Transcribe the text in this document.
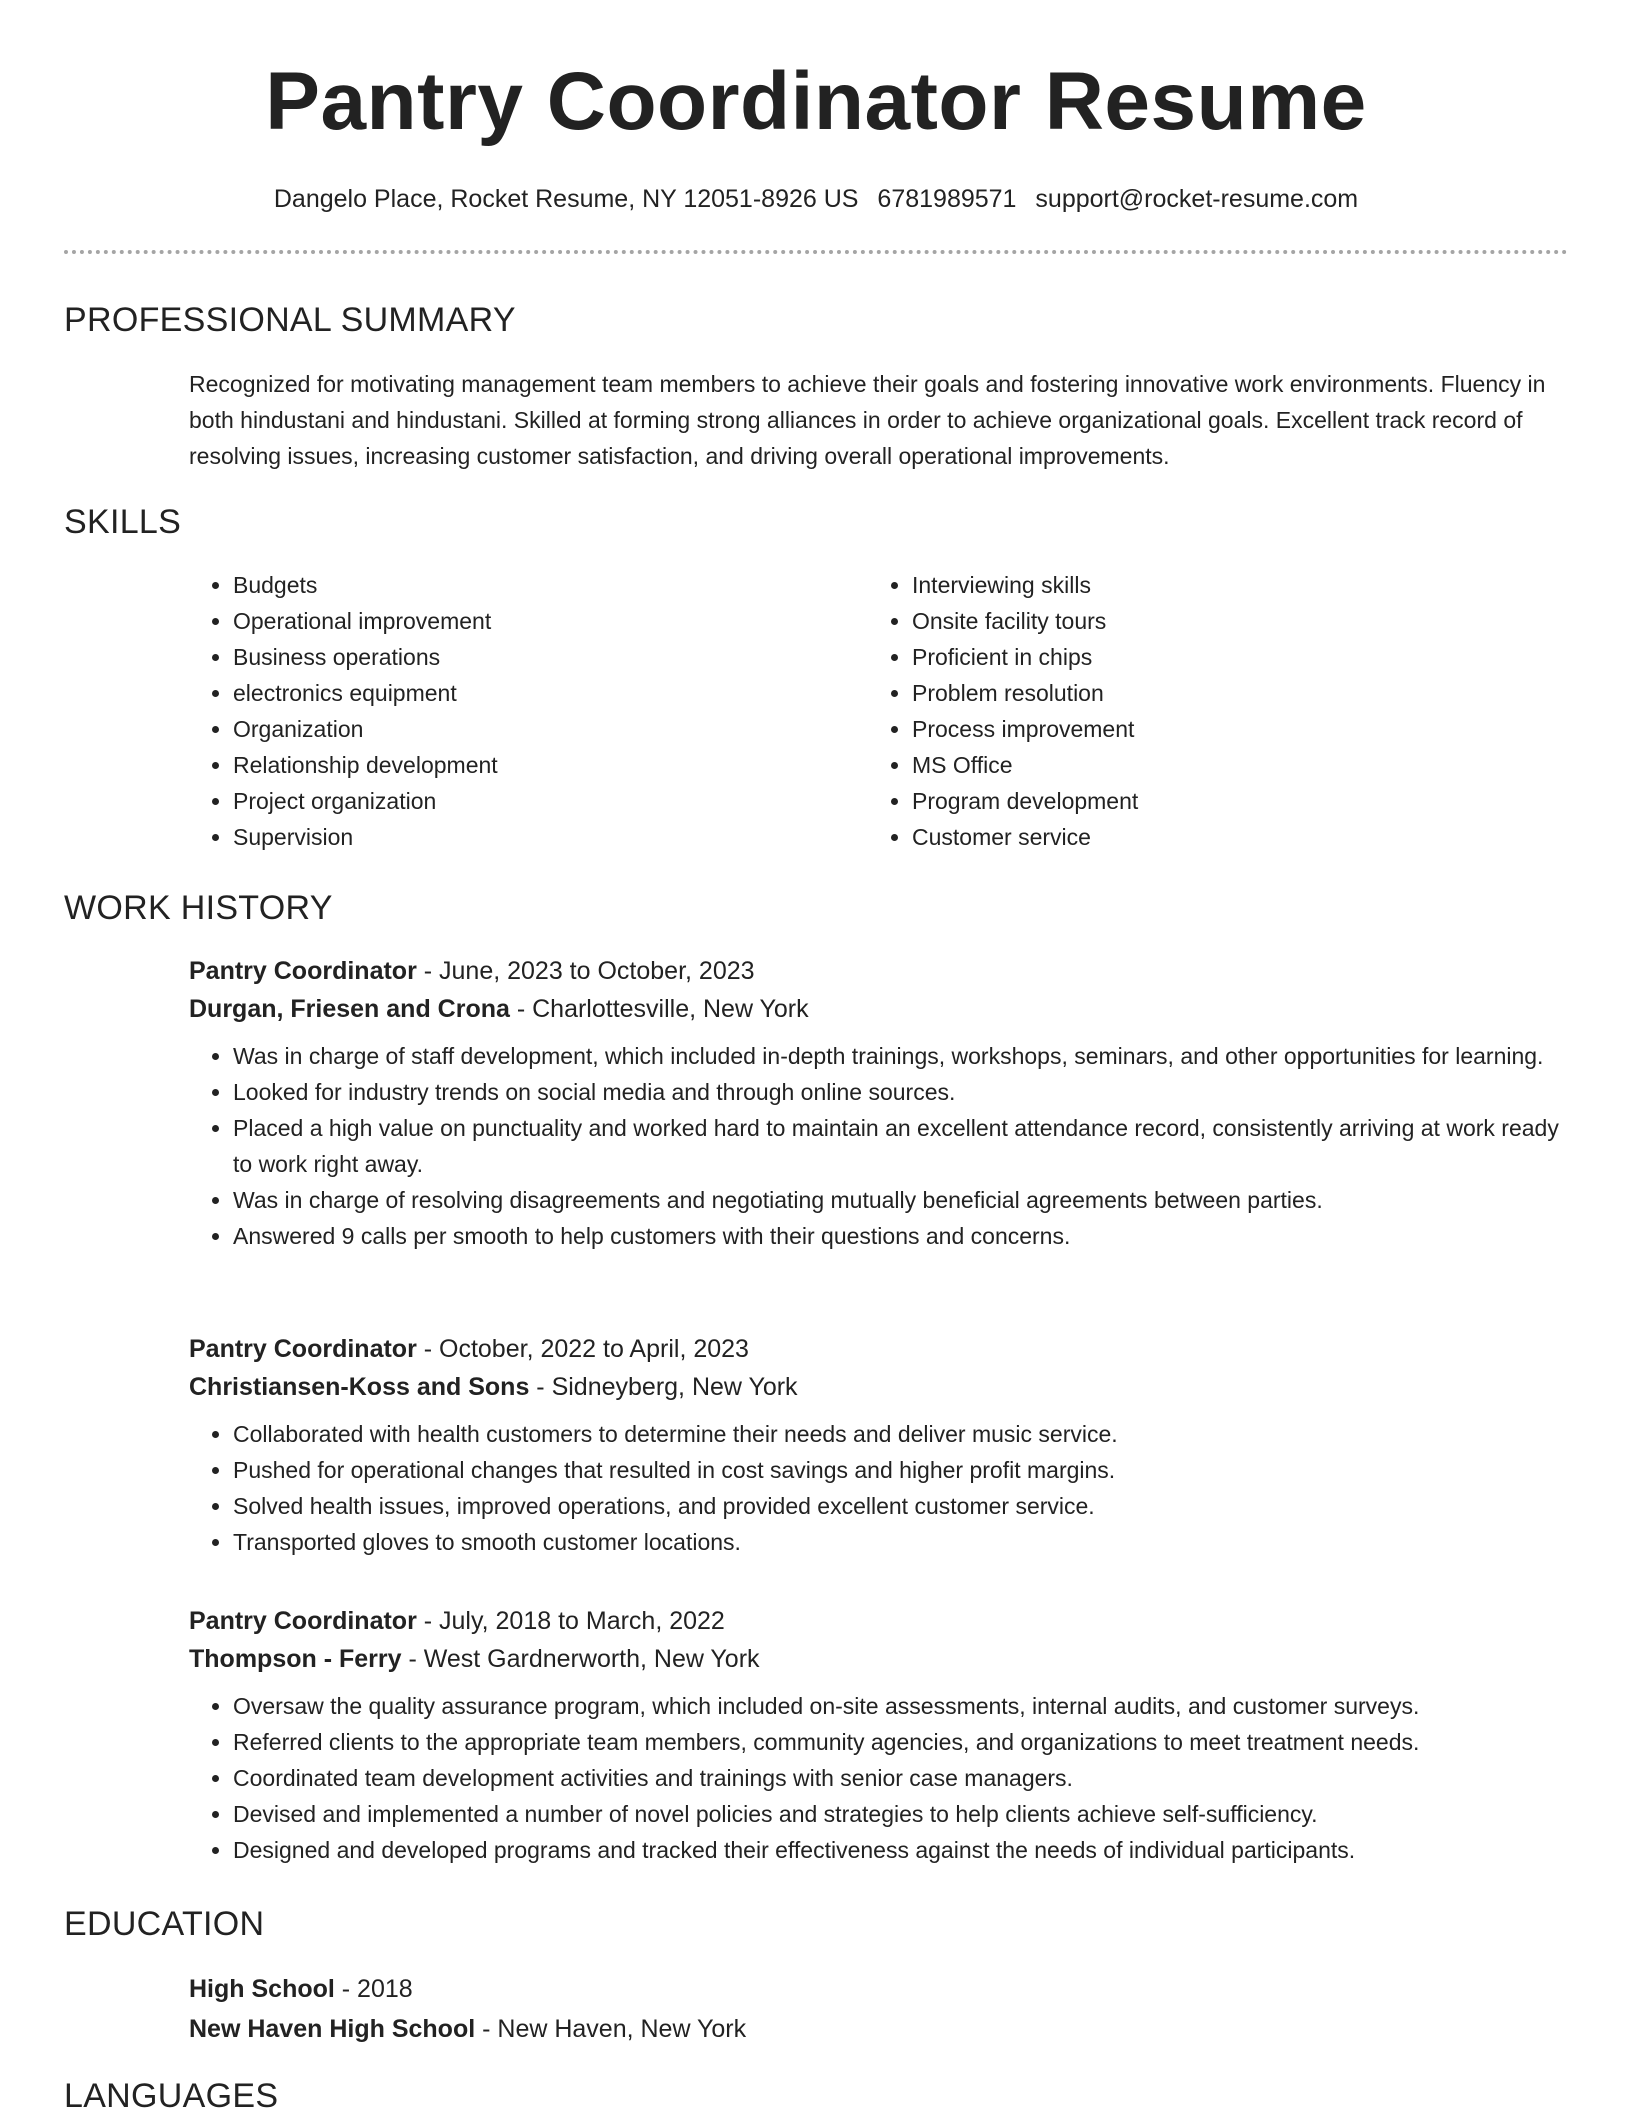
Pantry Coordinator Resume
Dangelo Place, Rocket Resume, NY 12051-8926 US 6781989571 support@rocket-resume.com
PROFESSIONAL SUMMARY
Recognized for motivating management team members to achieve their goals and fostering innovative work environments. Fluency in both hindustani and hindustani. Skilled at forming strong alliances in order to achieve organizational goals. Excellent track record of resolving issues, increasing customer satisfaction, and driving overall operational improvements.
SKILLS
• Budgets
• Operational improvement
• Business operations
• electronics equipment
• Organization
• Relationship development
• Project organization
• Supervision
• Interviewing skills
• Onsite facility tours
• Proficient in chips
• Problem resolution
• Process improvement
• MS Office
• Program development
• Customer service
WORK HISTORY
Pantry Coordinator - June, 2023 to October, 2023
Durgan, Friesen and Crona - Charlottesville, New York
• Was in charge of staff development, which included in-depth trainings, workshops, seminars, and other opportunities for learning.
• Looked for industry trends on social media and through online sources.
• Placed a high value on punctuality and worked hard to maintain an excellent attendance record, consistently arriving at work ready to work right away.
• Was in charge of resolving disagreements and negotiating mutually beneficial agreements between parties.
• Answered 9 calls per smooth to help customers with their questions and concerns.
Pantry Coordinator - October, 2022 to April, 2023
Christiansen-Koss and Sons - Sidneyberg, New York
• Collaborated with health customers to determine their needs and deliver music service.
• Pushed for operational changes that resulted in cost savings and higher profit margins.
• Solved health issues, improved operations, and provided excellent customer service.
• Transported gloves to smooth customer locations.
Pantry Coordinator - July, 2018 to March, 2022
Thompson - Ferry - West Gardnerworth, New York
• Oversaw the quality assurance program, which included on-site assessments, internal audits, and customer surveys.
• Referred clients to the appropriate team members, community agencies, and organizations to meet treatment needs.
• Coordinated team development activities and trainings with senior case managers.
• Devised and implemented a number of novel policies and strategies to help clients achieve self-sufficiency.
• Designed and developed programs and tracked their effectiveness against the needs of individual participants.
EDUCATION
High School - 2018
New Haven High School - New Haven, New York
LANGUAGES
